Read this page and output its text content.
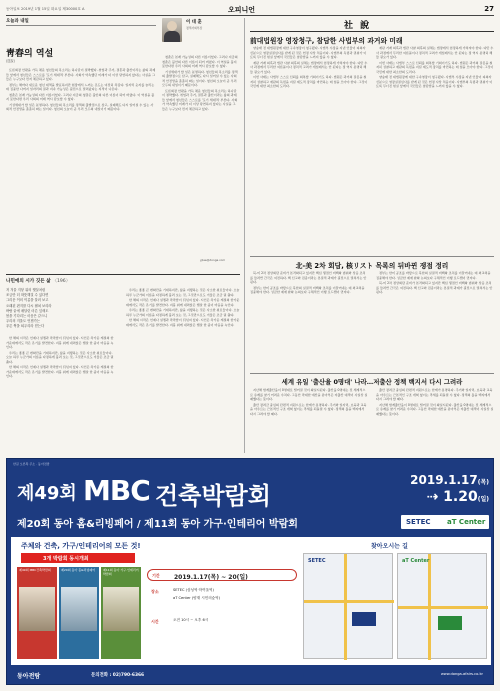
동아일보 2019년 1월 15일 화요일 제30000호 A	오피니언	27
오늘과 내일
靑春의 역설
(逆說)

토론회장 안팎을 가득 채운 청년들의 목소리는 하나같이 절박했다. 취업과 주거, 결혼과 출산이라는 삶의 과제들 앞에서 청년들은 스스로를 '포기 세대'라 부른다. 사회가 약속했던 미래가 더 이상 당연하지 않다는 사실을 그들은 누구보다 먼저 체감하고 있다.

정부는 해마다 새로운 청년 대책을 발표하지만 현장에서 느끼는 온도는 여전히 차갑다. 일자리 숫자를 늘리는 데 집중한 나머지 일자리의 질과 지속 가능성은 뒷전으로 밀려났다는 지적이 나온다.

청춘은 본래 가능성의 다른 이름이었다. 그러나 지금의 청춘은 불안의 다른 이름이 되어 버렸다. 이 역설을 풀지 못한다면 우리 사회의 미래 역시 담보할 수 없다.

기성세대가 할 일은 분명하다. 청년들의 목소리를 정책의 출발점으로 삼고, 실패해도 다시 일어설 수 있는 사회적 안전망을 촘촘히 짜는 일이다. 청년의 오늘이 곧 우리 모두의 내일이기 때문이다.

이 대 훈
정책사회부장

청춘은 본래 가능성의 다른 이름이었다. 그러나 지금의 청춘은 불안의 다른 이름이 되어 버렸다. 이 역설을 풀지 못한다면 우리 사회의 미래 역시 담보할 수 없다.

기성세대가 할 일은 분명하다. 청년들의 목소리를 정책의 출발점으로 삼고, 실패해도 다시 일어설 수 있는 사회적 안전망을 촘촘히 짜는 일이다. 청년의 오늘이 곧 우리 모두의 내일이기 때문이다.

토론회장 안팎을 가득 채운 청년들의 목소리는 하나같이 절박했다. 취업과 주거, 결혼과 출산이라는 삶의 과제들 앞에서 청년들은 스스로를 '포기 세대'라 부른다. 사회가 약속했던 미래가 더 이상 당연하지 않다는 사실을 그들은 누구보다 먼저 체감하고 있다.

yjlee@donga.com
社 說
前대법원장 영장청구, 참담한 사법부의 과거와 미래

양승태 전 대법원장에 대한 구속영장이 청구됐다. 사법부 수장을 지낸 인물이 피의자 신분으로 영장실질심사를 받게 된 것은 헌정 사상 처음이다. 사법부의 독립과 권위가 이토록 무너진 현실 앞에서 국민들은 참담함을 느끼지 않을 수 없다.

재판 거래 의혹과 법관 사찰 의혹의 실체는 법정에서 엄정하게 가려져야 한다. 다만 수사 과정에서 무리한 여론몰이나 정치적 고려가 개입돼서는 안 된다는 점 역시 분명히 해 둘 필요가 있다.

이번 사태는 사법부 스스로 신뢰를 회복할 기회이기도 하다. 법원은 과거의 잘못을 철저히 성찰하고 재판의 독립을 지킬 제도적 장치를 마련하는 데 힘을 모아야 한다. 그것이 국민에 대한 최소한의 도리다.

재판 거래 의혹과 법관 사찰 의혹의 실체는 법정에서 엄정하게 가려져야 한다. 다만 수사 과정에서 무리한 여론몰이나 정치적 고려가 개입돼서는 안 된다는 점 역시 분명히 해 둘 필요가 있다.

이번 사태는 사법부 스스로 신뢰를 회복할 기회이기도 하다. 법원은 과거의 잘못을 철저히 성찰하고 재판의 독립을 지킬 제도적 장치를 마련하는 데 힘을 모아야 한다. 그것이 국민에 대한 최소한의 도리다.

양승태 전 대법원장에 대한 구속영장이 청구됐다. 사법부 수장을 지낸 인물이 피의자 신분으로 영장실질심사를 받게 된 것은 헌정 사상 처음이다. 사법부의 독립과 권위가 이토록 무너진 현실 앞에서 국민들은 참담함을 느끼지 않을 수 없다.

北-美 2차 회담, 核リスト 목록의 뒤바뀐 쟁점 정리

북-미 2차 정상회담 준비가 본격화되고 있지만 핵심 쟁점인 비핵화 범위와 상응 조치를 둘러싼 간극은 여전하다. 핵 신고와 검증이라는 본질적 과제가 뒷전으로 밀려서는 안 된다.

정부는 한미 공조를 바탕으로 북한의 실질적 비핵화 조치를 이끌어내는 데 외교력을 집중해야 한다. 성급한 제재 완화 논의보다 구체적인 이행 로드맵이 먼저다.

정부는 한미 공조를 바탕으로 북한의 실질적 비핵화 조치를 이끌어내는 데 외교력을 집중해야 한다. 성급한 제재 완화 논의보다 구체적인 이행 로드맵이 먼저다.

북-미 2차 정상회담 준비가 본격화되고 있지만 핵심 쟁점인 비핵화 범위와 상응 조치를 둘러싼 간극은 여전하다. 핵 신고와 검증이라는 본질적 과제가 뒷전으로 밀려서는 안 된다.

세계 유일 '출산율 0명대' 나라…저출산 정책 백지서 다시 그려라

지난해 합계출산율이 0명대로 떨어질 것이 확실시된다. 출산율 0명대는 전 세계적으로 유례를 찾기 어려운 수치다. 그동안 막대한 예산을 쏟아부은 저출산 대책이 사실상 실패했다는 뜻이다.

출산 장려금 중심의 단편적 지원으로는 한계가 분명하다. 주거와 일자리, 보육과 교육을 아우르는 근본적인 구조 개혁 없이는 추세를 되돌릴 수 없다. 정책의 틀을 백지에서 다시 그려야 할 때다.

출산 장려금 중심의 단편적 지원으로는 한계가 분명하다. 주거와 일자리, 보육과 교육을 아우르는 근본적인 구조 개혁 없이는 추세를 되돌릴 수 없다. 정책의 틀을 백지에서 다시 그려야 할 때다.

지난해 합계출산율이 0명대로 떨어질 것이 확실시된다. 출산율 0명대는 전 세계적으로 유례를 찾기 어려운 수치다. 그동안 막대한 예산을 쏟아부은 저출산 대책이 사실상 실패했다는 뜻이다.

나민애의 시가 깃든 삶 〈196〉
저 겨울 지붕 위의 햇살처럼
조금만 더 따뜻해질 수 있다면
그리운 이의 이름을 불러 보고
오래된 편지를 다시 펼쳐 보리라
바람 끝에 매달린 마른 잎새도
봄을 기다리는 마음은 같으니
우리의 겨울도 언젠가는
푸른 싹을 틔우리라 믿는다

한 해의 시작은 언제나 설렘과 막막함이 뒤섞여 있다. 시인은 차가운 계절의 한가운데에서도 작은 온기를 발견한다. 지붕 위에 내려앉은 햇살 한 줌이 마음을 녹인다.

우리는 종종 큰 변화만을 기대하지만, 삶을 지탱하는 것은 사소한 위로들이다. 오늘 하루 누군가의 이름을 다정하게 불러 보는 것, 그것만으로도 겨울은 조금 덜 춥다.

한 해의 시작은 언제나 설렘과 막막함이 뒤섞여 있다. 시인은 차가운 계절의 한가운데에서도 작은 온기를 발견한다. 지붕 위에 내려앉은 햇살 한 줌이 마음을 녹인다.

우리는 종종 큰 변화만을 기대하지만, 삶을 지탱하는 것은 사소한 위로들이다. 오늘 하루 누군가의 이름을 다정하게 불러 보는 것, 그것만으로도 겨울은 조금 덜 춥다.

한 해의 시작은 언제나 설렘과 막막함이 뒤섞여 있다. 시인은 차가운 계절의 한가운데에서도 작은 온기를 발견한다. 지붕 위에 내려앉은 햇살 한 줌이 마음을 녹인다.

우리는 종종 큰 변화만을 기대하지만, 삶을 지탱하는 것은 사소한 위로들이다. 오늘 하루 누군가의 이름을 다정하게 불러 보는 것, 그것만으로도 겨울은 조금 덜 춥다.

한 해의 시작은 언제나 설렘과 막막함이 뒤섞여 있다. 시인은 차가운 계절의 한가운데에서도 작은 온기를 발견한다. 지붕 위에 내려앉은 햇살 한 줌이 마음을 녹인다.

한길 오른쪽 주소 · 동아전람
제49회 MBC 건축박람회
제20회 동아 홈&리빙페어 / 제11회 동아 가구·인테리어 박람회
2019.1.17(목)
⇢ 1.20(일)
SETEC aT Center
주체와 건축, 가구/인테리어의 모든 것!
3개 박람회 동시개최
제49회 MBC건축박람회	제20회 동아 홈&리빙페어	제11회 동아 가구·인테리어 박람회	기간 2019.1.17(목) ~ 20(일)
장소	SETEC (삼성역·학여울역)
aT Center (양재 시민의숲역)
시간	오전 10시 ~ 오후 6시
찾아오시는 길
SETEC	aT Center
동아전람	문의전화 : 02)790-6366	www.donga-afairs.co.kr
